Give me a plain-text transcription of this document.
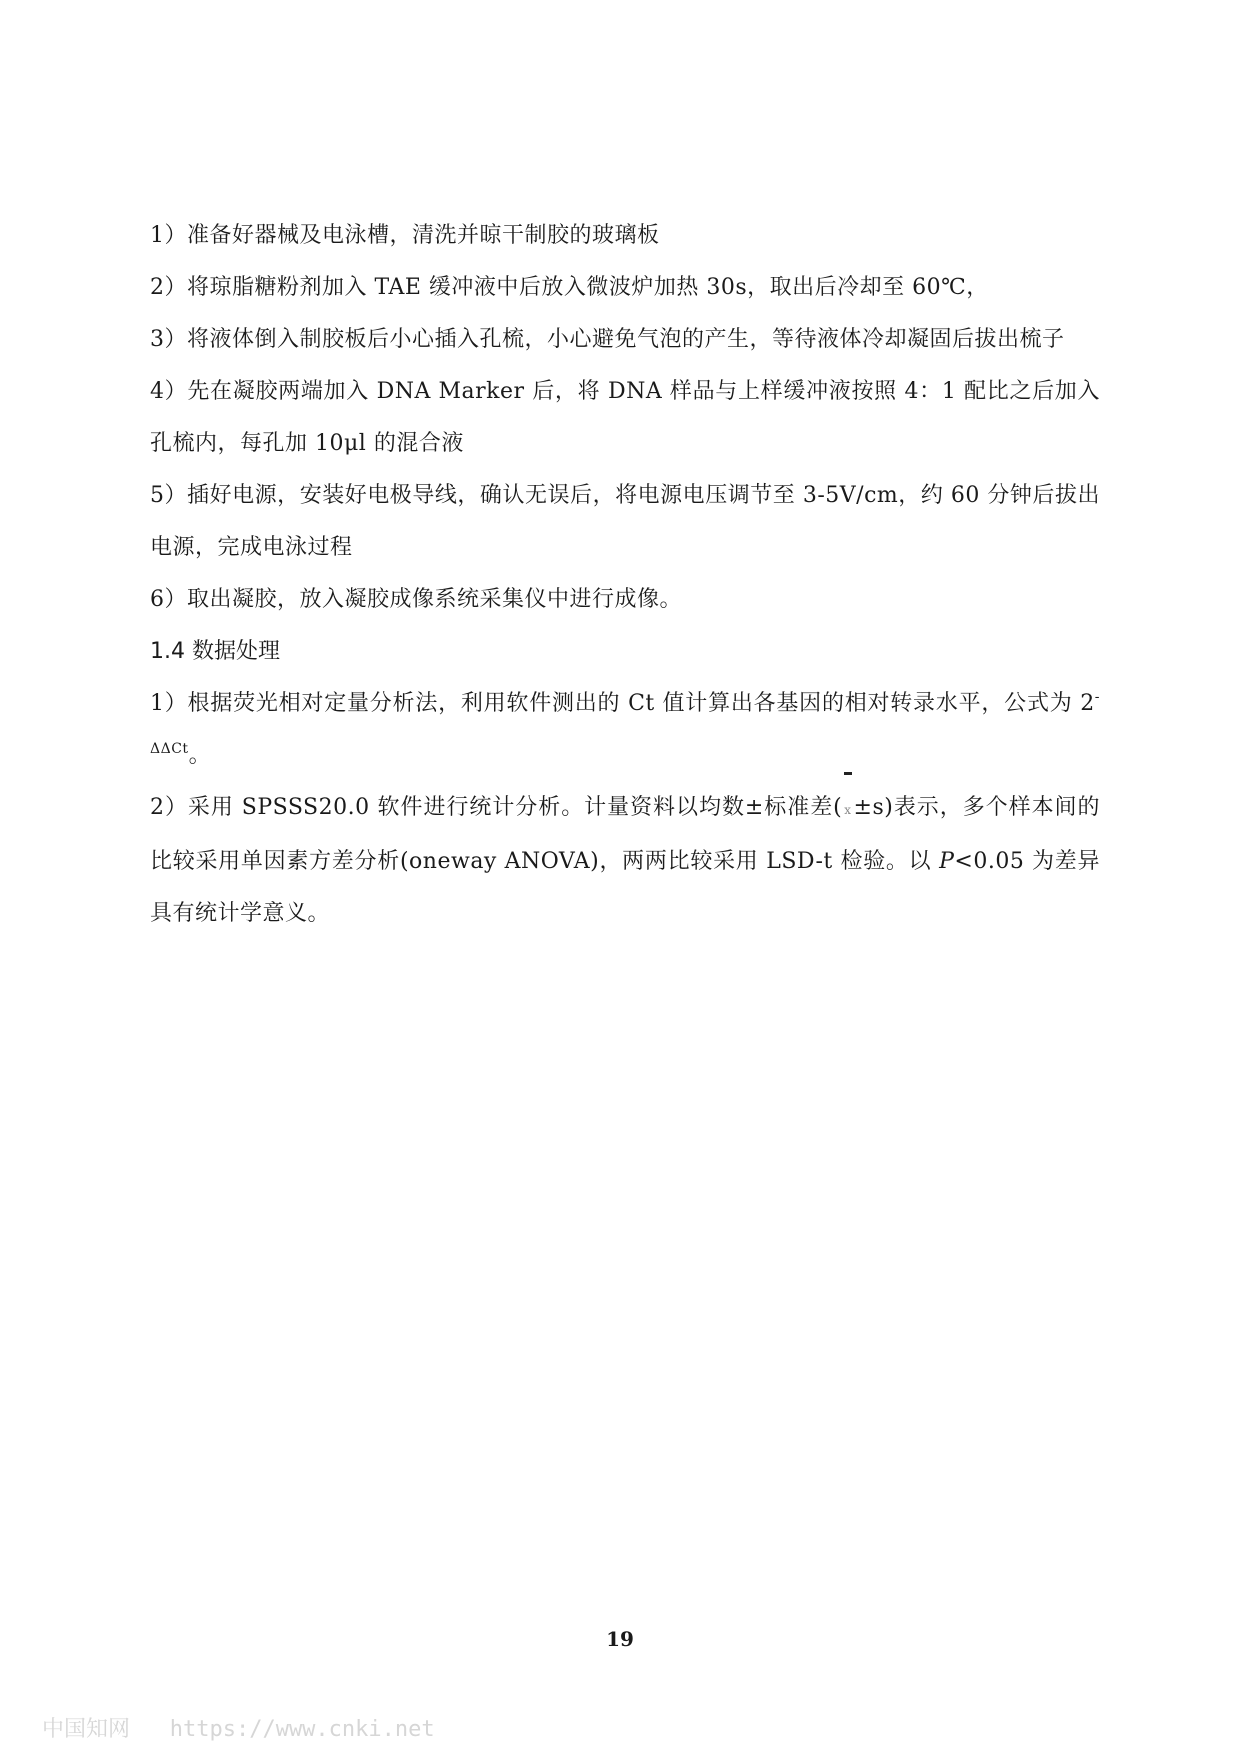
1）准备好器械及电泳槽，清洗并晾干制胶的玻璃板

2）将琼脂糖粉剂加入 TAE 缓冲液中后放入微波炉加热 30s，取出后冷却至 60℃，

3）将液体倒入制胶板后小心插入孔梳，小心避免气泡的产生，等待液体冷却凝固后拔出梳子

4）先在凝胶两端加入 DNA Marker 后，将 DNA 样品与上样缓冲液按照 4：1 配比之后加入孔梳内，每孔加 10μl 的混合液

5）插好电源，安装好电极导线，确认无误后，将电源电压调节至 3-5V/cm，约 60 分钟后拔出电源，完成电泳过程

6）取出凝胶，放入凝胶成像系统采集仪中进行成像。

1.4 数据处理

1）根据荧光相对定量分析法，利用软件测出的 Ct 值计算出各基因的相对转录水平，公式为 $2^{-\Delta\Delta Ct}$。

2）采用 SPSSS20.0 软件进行统计分析。计量资料以均数±标准差( x±s)表示，多个样本间的比较采用单因素方差分析(oneway ANOVA)，两两比较采用 LSD-t 检验。以 P<0.05 为差异具有统计学意义。

19
中国知网   https://www.cnki.net
